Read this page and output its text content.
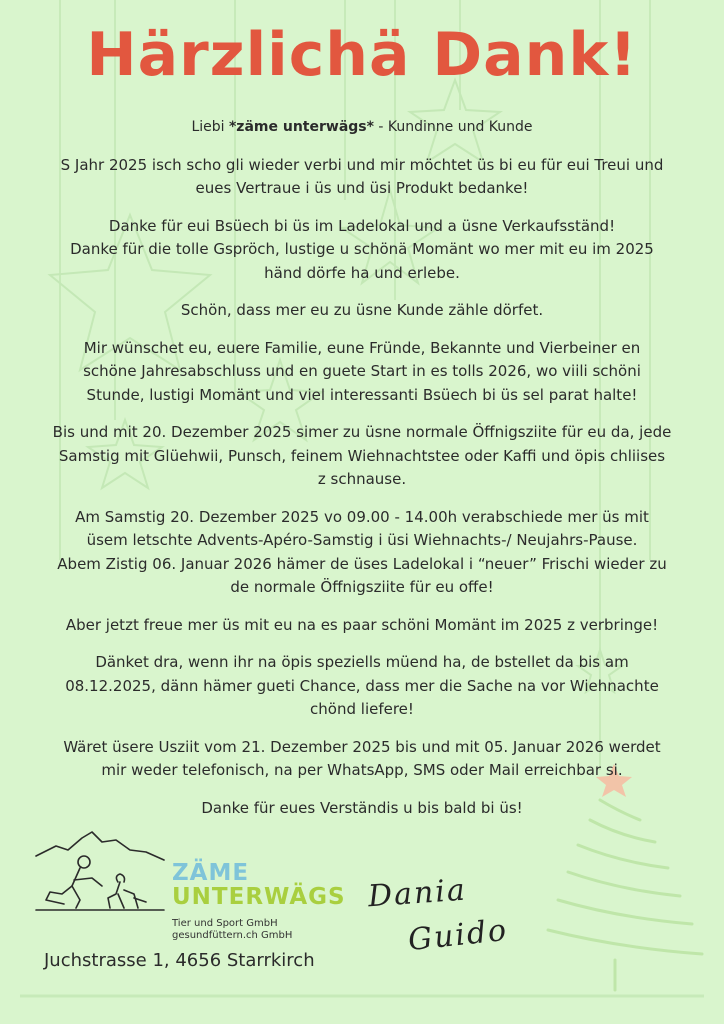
Härzlichä Dank!

Liebi *zäme unterwägs* - Kundinne und Kunde

S Jahr 2025 isch scho gli wieder verbi und mir möchtet üs bi eu für eui Treui und
eues Vertraue i üs und üsi Produkt bedanke!

Danke für eui Bsüech bi üs im Ladelokal und a üsne Verkaufsständ!
Danke für die tolle Gspröch, lustige u schönä Momänt wo mer mit eu im 2025
händ dörfe ha und erlebe.

Schön, dass mer eu zu üsne Kunde zähle dörfet.

Mir wünschet eu, euere Familie, eune Fründe, Bekannte und Vierbeiner en
schöne Jahresabschluss und en guete Start in es tolls 2026, wo viili schöni
Stunde, lustigi Momänt und viel interessanti Bsüech bi üs sel parat halte!

Bis und mit 20. Dezember 2025 simer zu üsne normale Öffnigsziite für eu da, jede
Samstig mit Glüehwii, Punsch, feinem Wiehnachtstee oder Kaffi und öpis chliises
z schnause.

Am Samstig 20. Dezember 2025 vo 09.00 - 14.00h verabschiede mer üs mit
üsem letschte Advents-Apéro-Samstig i üsi Wiehnachts-/ Neujahrs-Pause.
Abem Zistig 06. Januar 2026 hämer de üses Ladelokal i “neuer” Frischi wieder zu
de normale Öffnigsziite für eu offe!

Aber jetzt freue mer üs mit eu na es paar schöni Momänt im 2025 z verbringe!

Dänket dra, wenn ihr na öpis speziells müend ha, de bstellet da bis am
08.12.2025, dänn hämer gueti Chance, dass mer die Sache na vor Wiehnachte
chönd liefere!

Wäret üsere Usziit vom 21. Dezember 2025 bis und mit 05. Januar 2026 werdet
mir weder telefonisch, na per WhatsApp, SMS oder Mail erreichbar si.

Danke für eues Verständis u bis bald bi üs!

ZÄME
UNTERWÄGS
Tier und Sport GmbH
gesundfüttern.ch GmbH
Dania
Guido
Juchstrasse 1, 4656 Starrkirch
